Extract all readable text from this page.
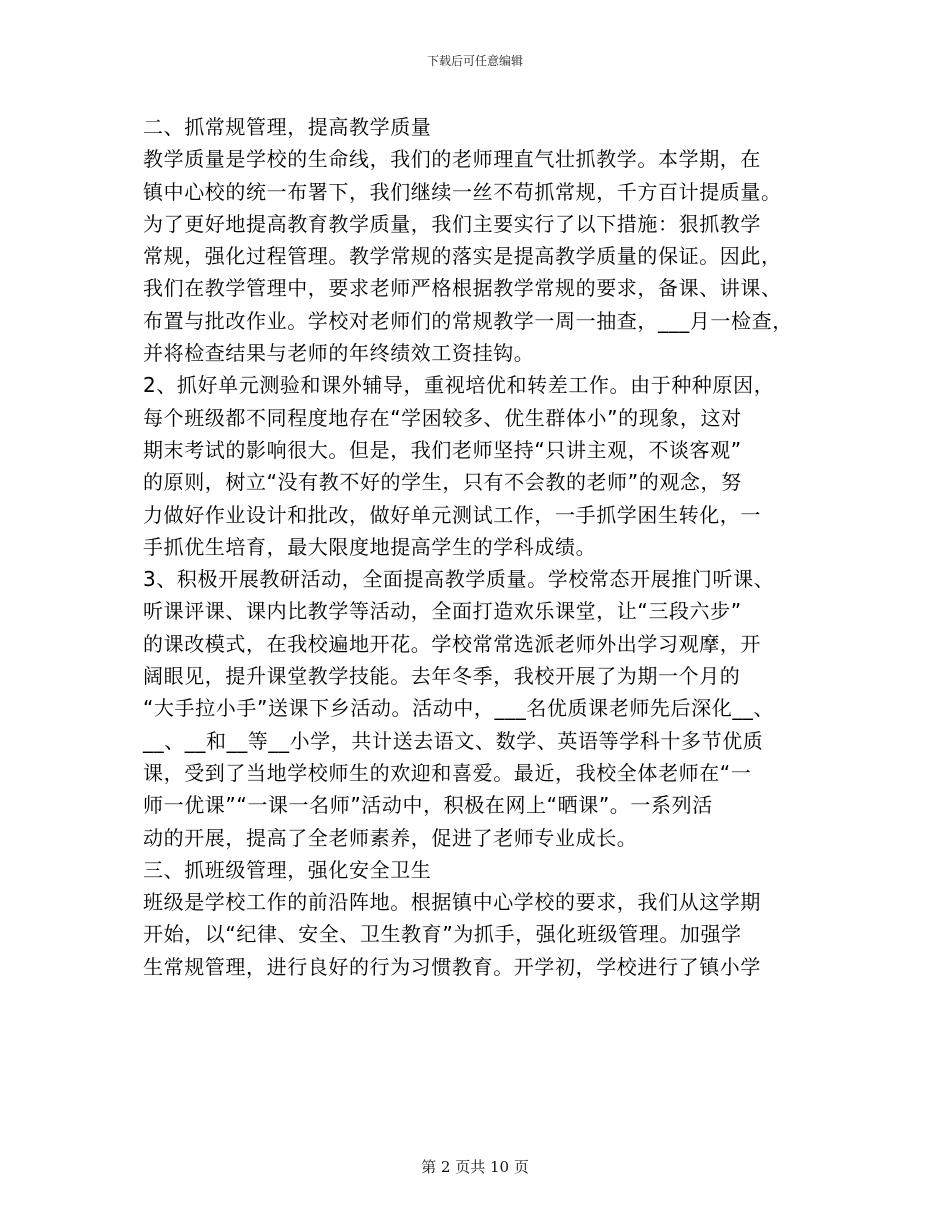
下载后可任意编辑
二、抓常规管理，提高教学质量
教学质量是学校的生命线，我们的老师理直气壮抓教学。本学期，在
镇中心校的统一布署下，我们继续一丝不苟抓常规，千方百计提质量。
为了更好地提高教育教学质量，我们主要实行了以下措施：狠抓教学
常规，强化过程管理。教学常规的落实是提高教学质量的保证。因此，
我们在教学管理中，要求老师严格根据教学常规的要求，备课、讲课、
布置与批改作业。学校对老师们的常规教学一周一抽查，___月一检查，
并将检查结果与老师的年终绩效工资挂钩。
2、抓好单元测验和课外辅导，重视培优和转差工作。由于种种原因，
每个班级都不同程度地存在“学困较多、优生群体小”的现象，这对
期末考试的影响很大。但是，我们老师坚持“只讲主观，不谈客观”
的原则，树立“没有教不好的学生，只有不会教的老师”的观念，努
力做好作业设计和批改，做好单元测试工作，一手抓学困生转化，一
手抓优生培育，最大限度地提高学生的学科成绩。
3、积极开展教研活动，全面提高教学质量。学校常态开展推门听课、
听课评课、课内比教学等活动，全面打造欢乐课堂，让“三段六步”
的课改模式，在我校遍地开花。学校常常选派老师外出学习观摩，开
阔眼见，提升课堂教学技能。去年冬季，我校开展了为期一个月的
“大手拉小手”送课下乡活动。活动中，___名优质课老师先后深化__、
__、__和__等__小学，共计送去语文、数学、英语等学科十多节优质
课，受到了当地学校师生的欢迎和喜爱。最近，我校全体老师在“一
师一优课”“一课一名师”活动中，积极在网上“晒课”。一系列活
动的开展，提高了全老师素养，促进了老师专业成长。
三、抓班级管理，强化安全卫生
班级是学校工作的前沿阵地。根据镇中心学校的要求，我们从这学期
开始，以“纪律、安全、卫生教育”为抓手，强化班级管理。加强学
生常规管理，进行良好的行为习惯教育。开学初，学校进行了镇小学
第 2 页共 10 页
